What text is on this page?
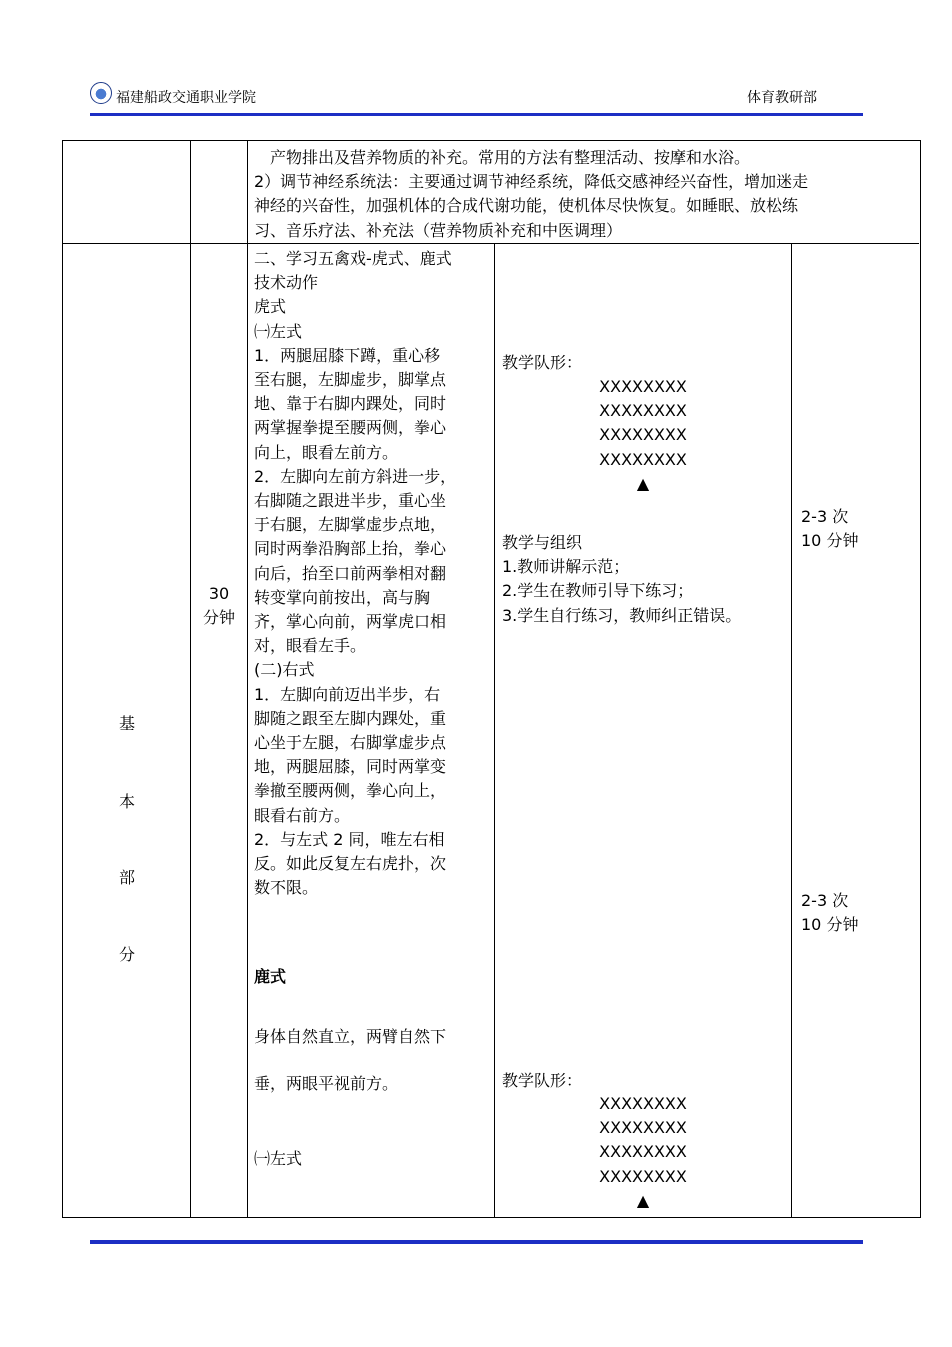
福建船政交通职业学院	体育教研部
　产物排出及营养物质的补充。常用的方法有整理活动、按摩和水浴。
2）调节神经系统法：主要通过调节神经系统，降低交感神经兴奋性，增加迷走
神经的兴奋性，加强机体的合成代谢功能，使机体尽快恢复。如睡眠、放松练
习、音乐疗法、补充法（营养物质补充和中医调理）
基
本
部
分
30
分钟
二、学习五禽戏-虎式、鹿式
技术动作
虎式
㈠左式
1．两腿屈膝下蹲，重心移
至右腿，左脚虚步，脚掌点
地、靠于右脚内踝处，同时
两掌握拳提至腰两侧，拳心
向上，眼看左前方。
2．左脚向左前方斜进一步，
右脚随之跟进半步，重心坐
于右腿，左脚掌虚步点地，
同时两拳沿胸部上抬，拳心
向后，抬至口前两拳相对翻
转变掌向前按出，高与胸
齐，掌心向前，两掌虎口相
对，眼看左手。
(二)右式
1．左脚向前迈出半步，右
脚随之跟至左脚内踝处，重
心坐于左腿，右脚掌虚步点
地，两腿屈膝，同时两掌变
拳撤至腰两侧，拳心向上，
眼看右前方。
2．与左式 2 同，唯左右相
反。如此反复左右虎扑，次
数不限。
鹿式
身体自然直立，两臂自然下
垂，两眼平视前方。
㈠左式
教学队形：
XXXXXXXX
XXXXXXXX
XXXXXXXX
XXXXXXXX
▲
教学与组织
1.教师讲解示范；
2.学生在教师引导下练习；
3.学生自行练习，教师纠正错误。
教学队形：
XXXXXXXX
XXXXXXXX
XXXXXXXX
XXXXXXXX
▲
2-3 次
10 分钟
2-3 次
10 分钟
